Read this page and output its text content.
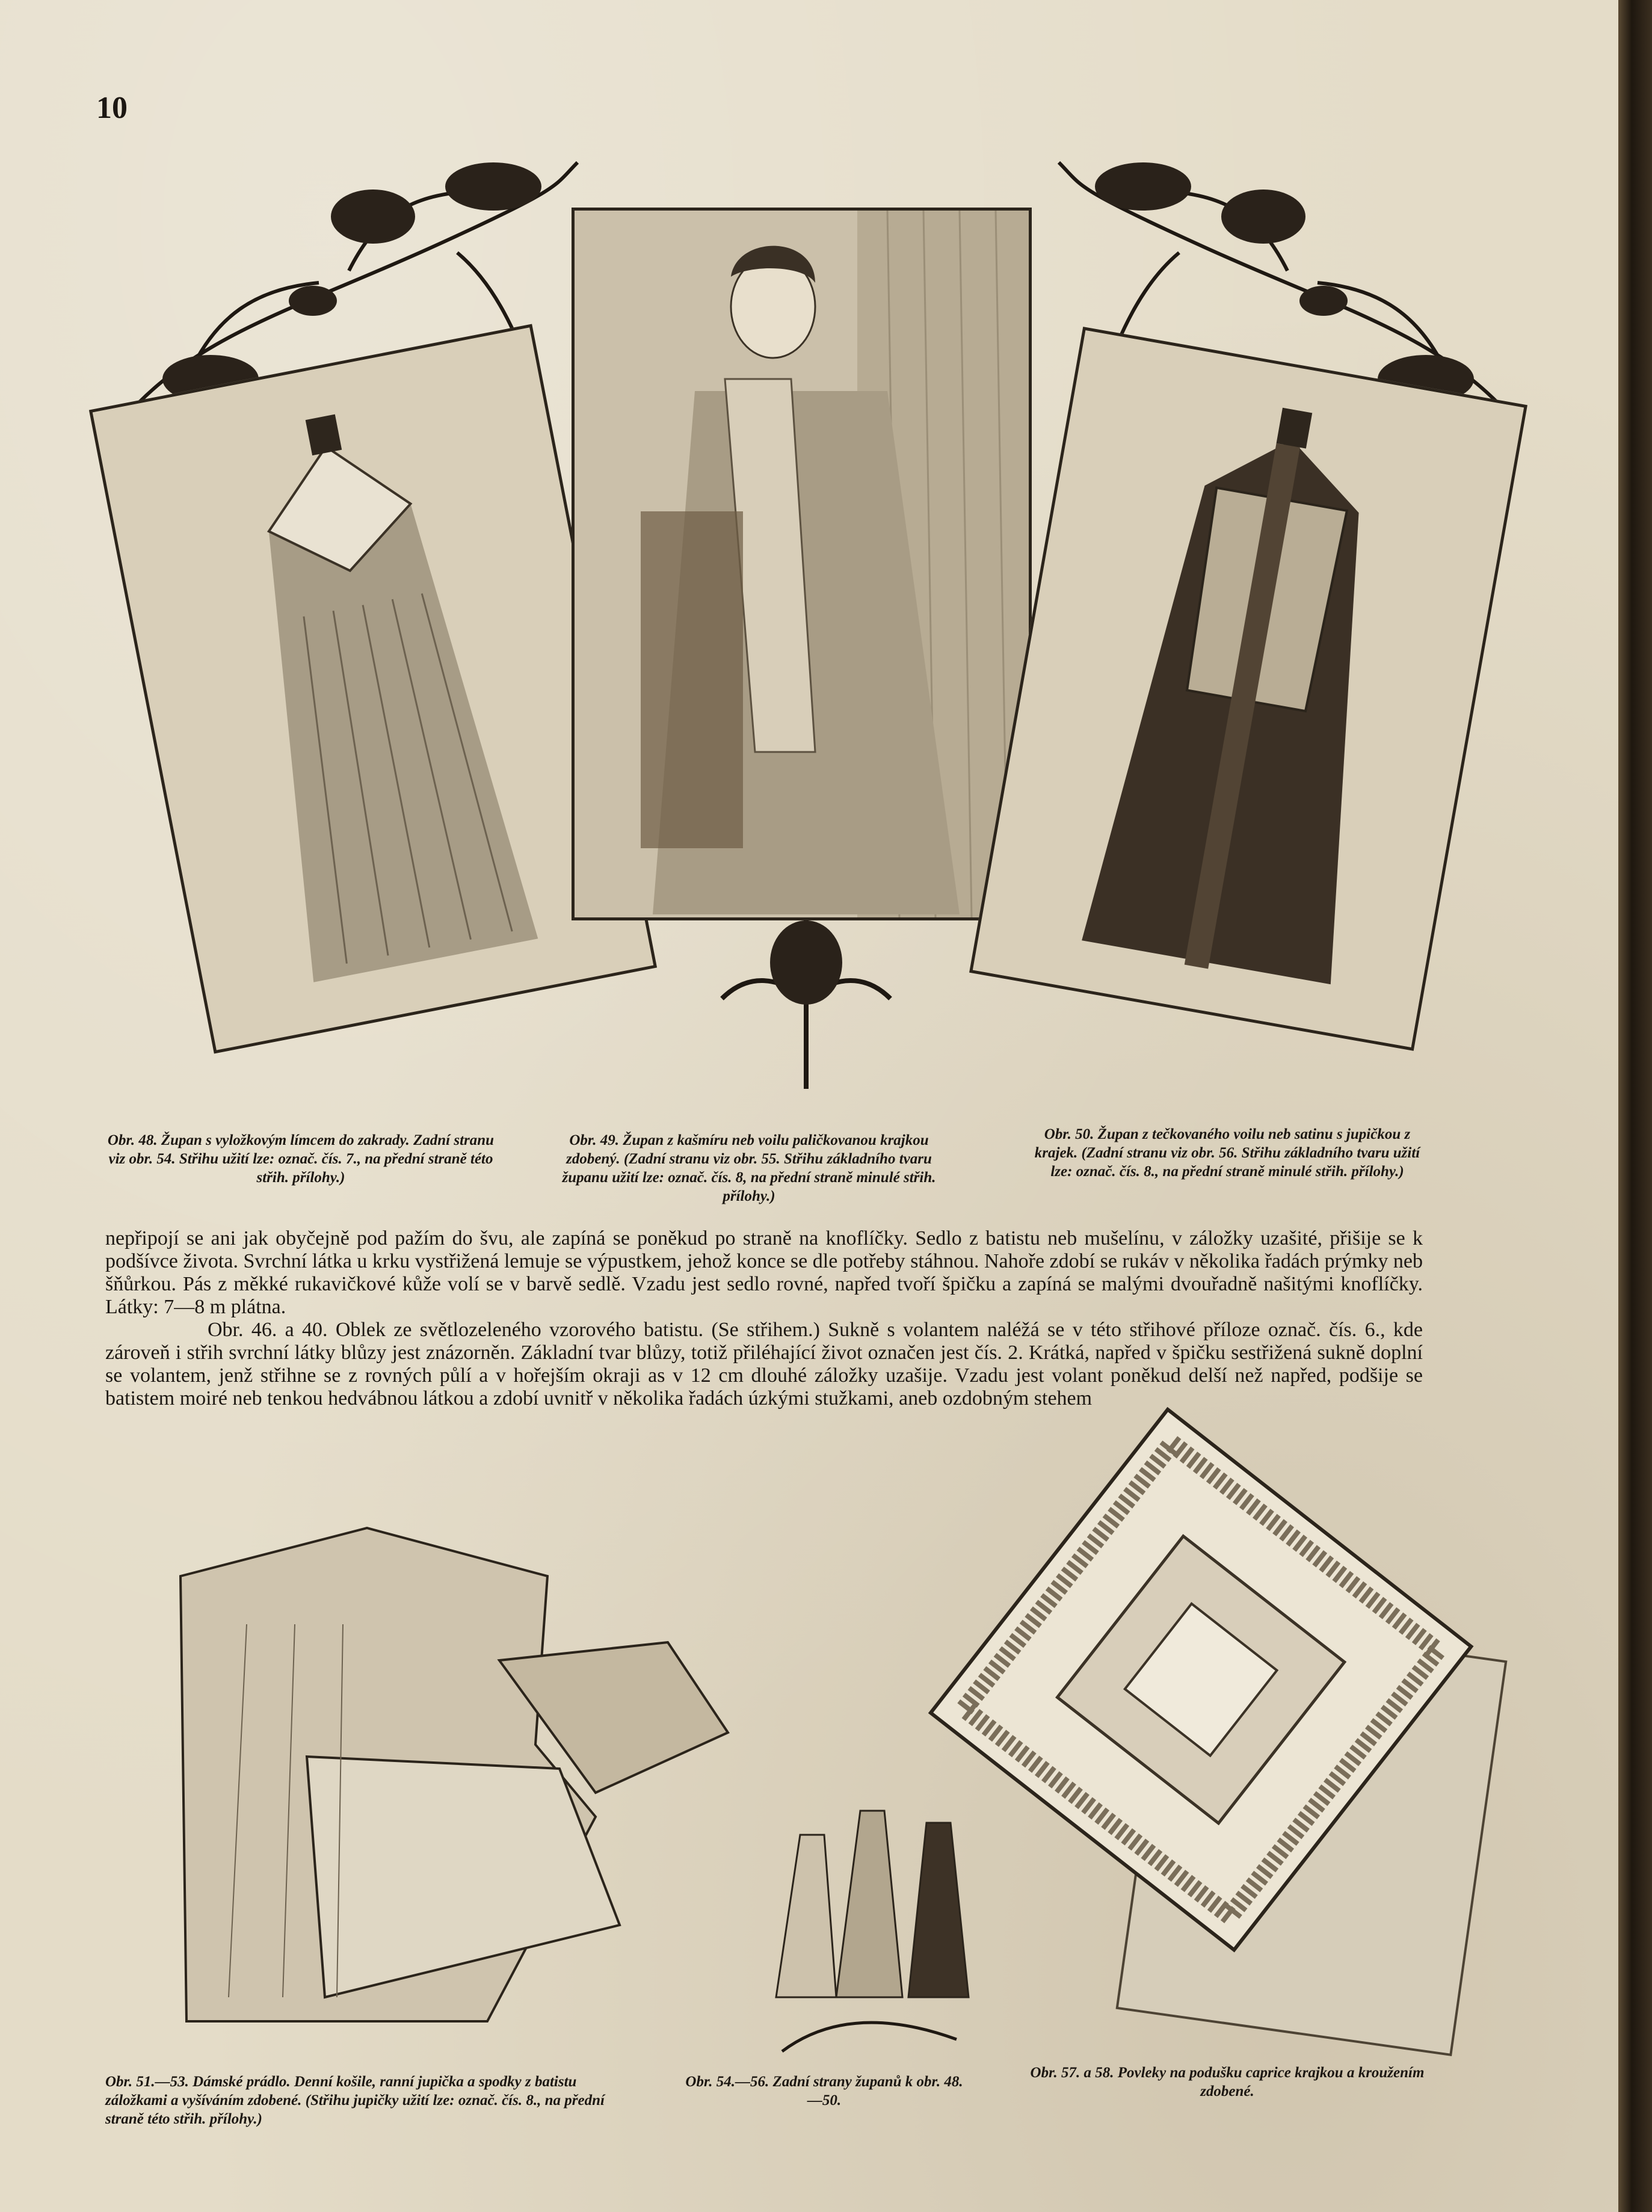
10
Obr. 48. Župan s vyložkovým límcem do zakrady. Zadní stranu viz obr. 54. Střihu užití lze: označ. čís. 7., na přední straně této střih. přílohy.)
Obr. 49. Župan z kašmíru neb voilu paličkovanou krajkou zdobený. (Zadní stranu viz obr. 55. Střihu základního tvaru županu užití lze: označ. čís. 8, na přední straně minulé střih. přílohy.)
Obr. 50. Župan z tečkovaného voilu neb satinu s jupičkou z krajek. (Zadní stranu viz obr. 56. Střihu základního tvaru užití lze: označ. čís. 8., na přední straně minulé střih. přílohy.)

nepřipojí se ani jak obyčejně pod pažím do švu, ale zapíná se poněkud po straně na knoflíčky. Sedlo z batistu neb mušelínu, v záložky uzašité, přišije se k podšívce života. Svrchní látka u krku vystřižená lemuje se výpustkem, jehož konce se dle potřeby stáhnou. Nahoře zdobí se rukáv v několika řadách prýmky neb šňůrkou. Pás z měkké rukavičkové kůže volí se v barvě sedlě. Vzadu jest sedlo rovné, napřed tvoří špičku a zapíná se malými dvouřadně našitými knoflíčky. Látky: 7—8 m plátna.

Obr. 46. a 40. Oblek ze světlozeleného vzorového batistu. (Se střihem.) Sukně s volantem naléžá se v této střihové příloze označ. čís. 6., kde zároveň i střih svrchní látky blůzy jest znázorněn. Základní tvar blůzy, totiž přiléhající život označen jest čís. 2. Krátká, napřed v špičku sestřižená sukně doplní se volantem, jenž střihne se z rovných půlí a v hořejším okraji as v 12 cm dlouhé záložky uzašije. Vzadu jest volant poněkud delší než napřed, podšije se batistem moiré neb tenkou hedvábnou látkou a zdobí uvnitř v několika řadách úzkými stužkami, aneb ozdobným stehem

Obr. 51.—53. Dámské prádlo. Denní košile, ranní jupička a spodky z batistu záložkami a vyšíváním zdobené. (Střihu jupičky užití lze: označ. čís. 8., na přední straně této střih. přílohy.)
Obr. 54.—56. Zadní strany županů k obr. 48.—50.
Obr. 57. a 58. Povleky na podušku caprice krajkou a kroužením zdobené.
